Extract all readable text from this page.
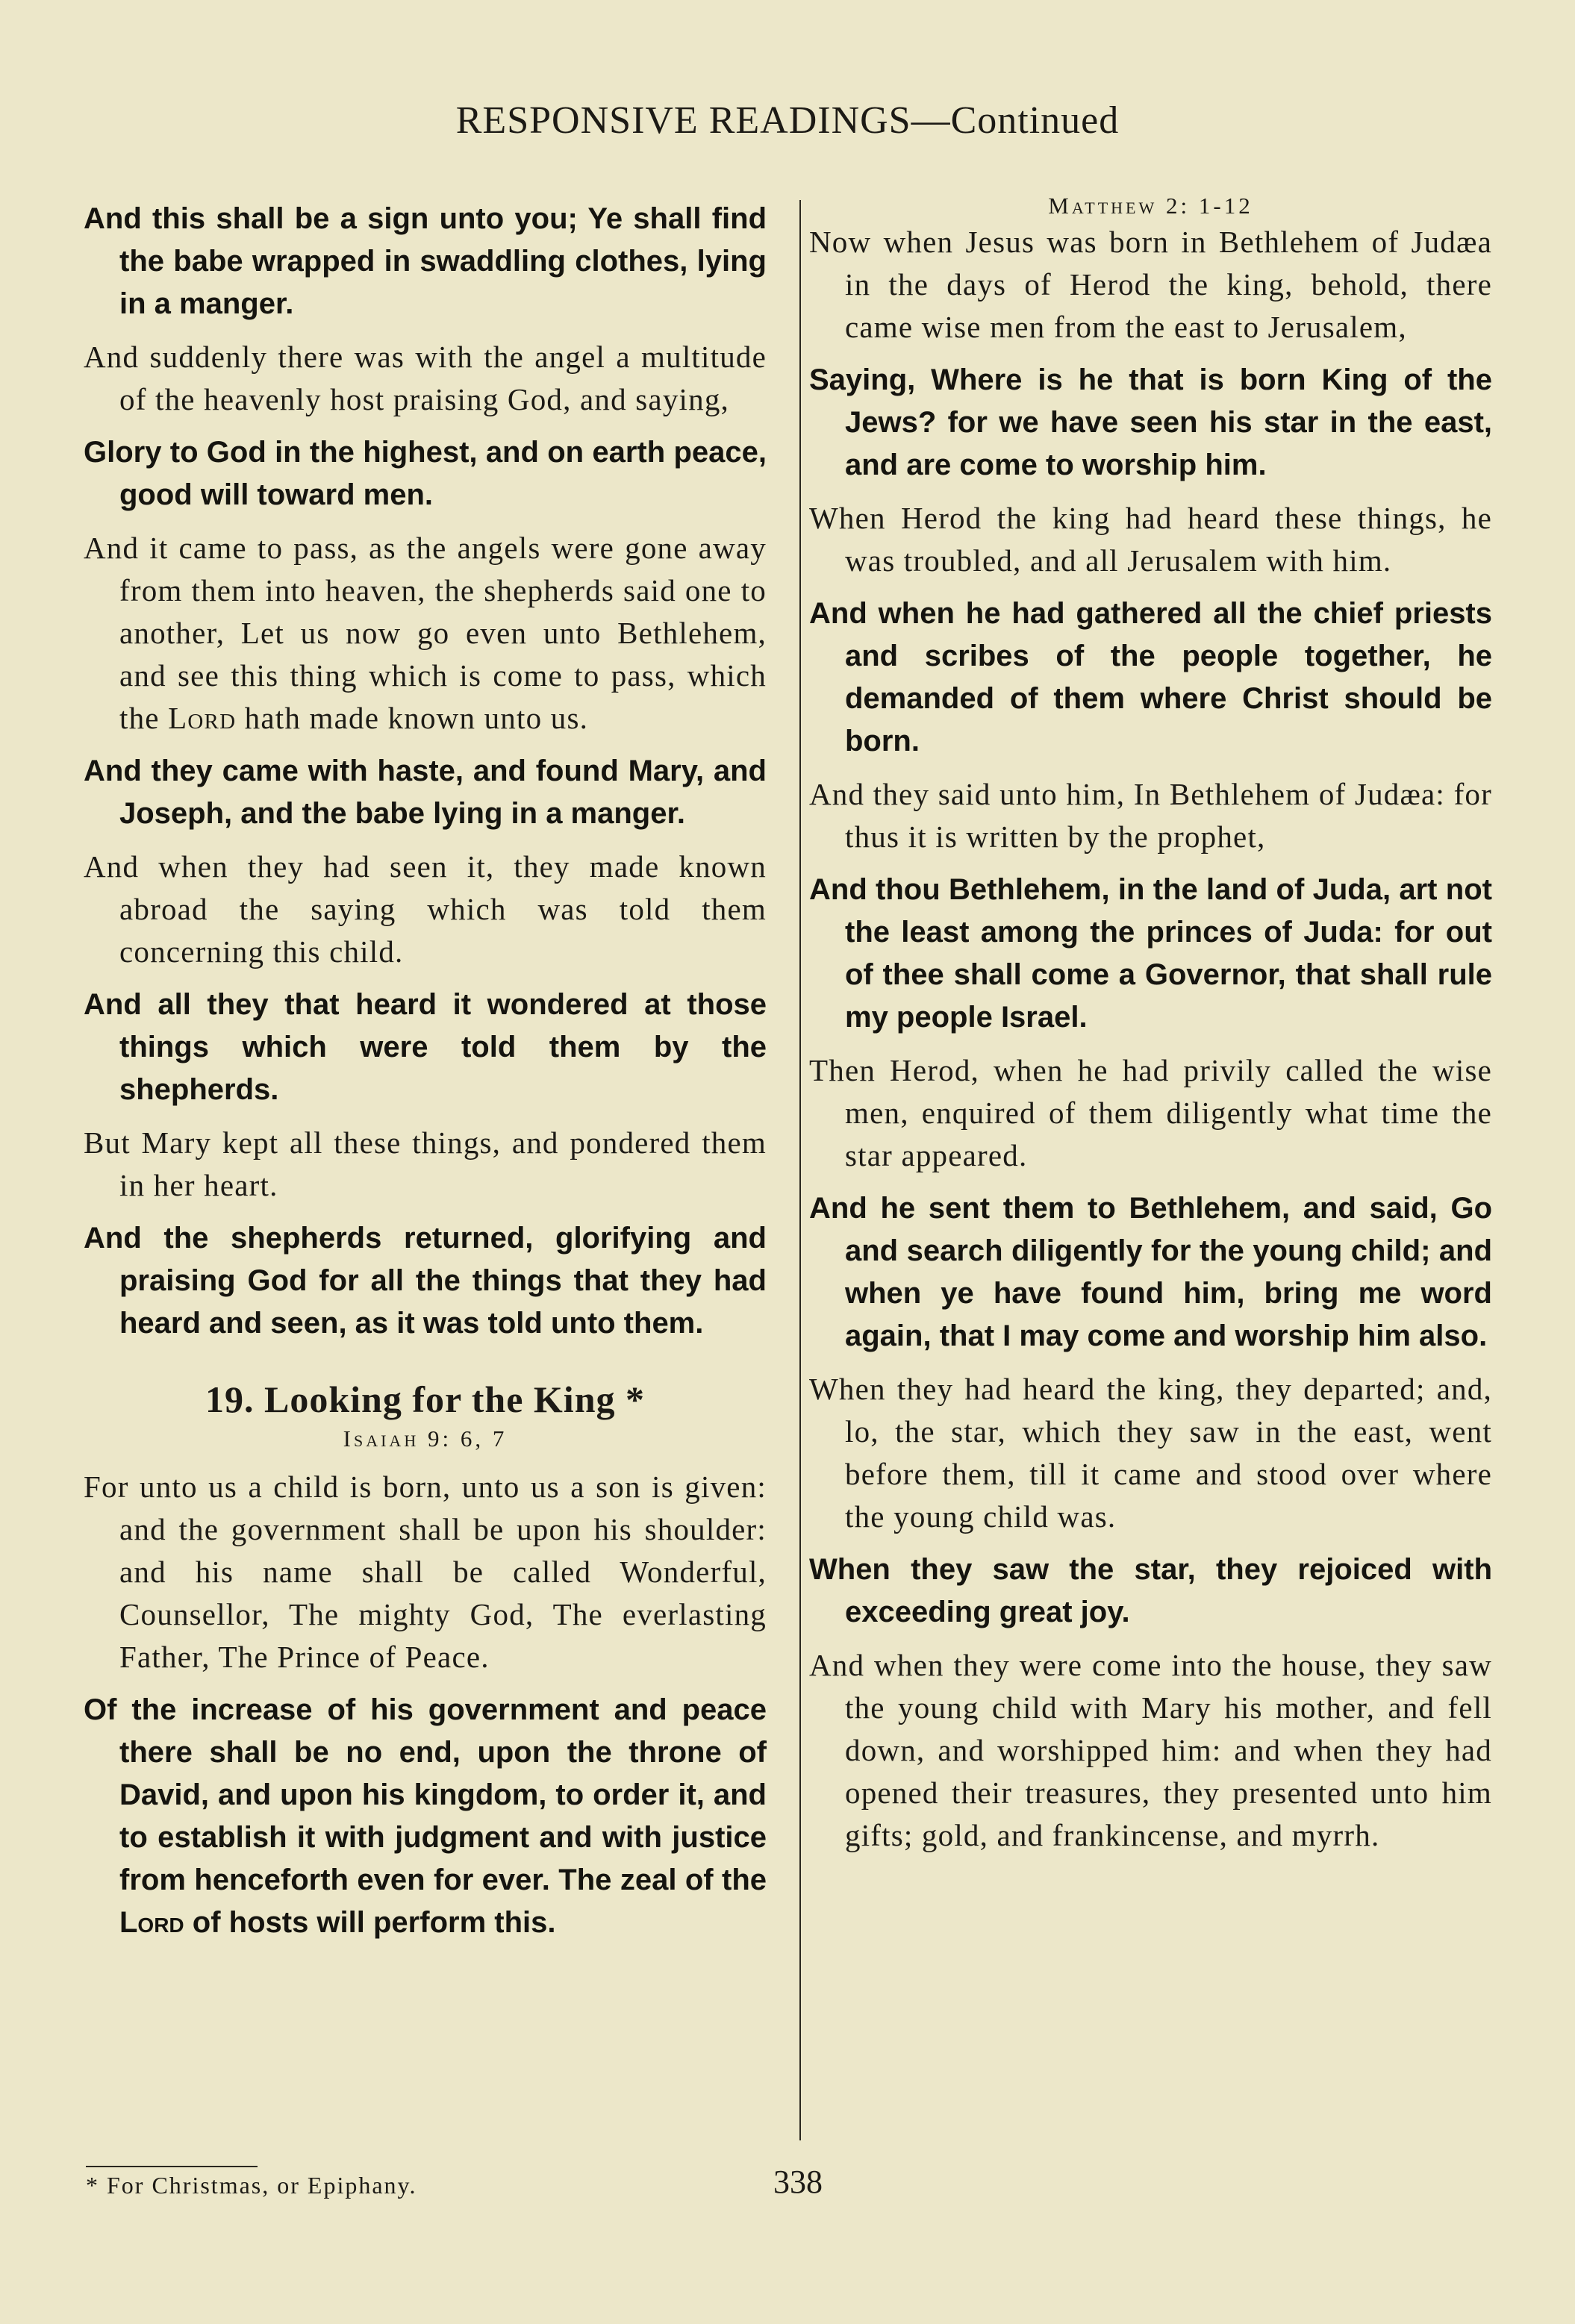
RESPONSIVE READINGS—Continued

And this shall be a sign unto you; Ye shall find the babe wrapped in swaddling clothes, lying in a manger.

And suddenly there was with the angel a multitude of the heavenly host praising God, and saying,

Glory to God in the highest, and on earth peace, good will toward men.

And it came to pass, as the angels were gone away from them into heaven, the shepherds said one to another, Let us now go even unto Bethlehem, and see this thing which is come to pass, which the Lord hath made known unto us.

And they came with haste, and found Mary, and Joseph, and the babe lying in a manger.

And when they had seen it, they made known abroad the saying which was told them concerning this child.

And all they that heard it wondered at those things which were told them by the shepherds.

But Mary kept all these things, and pondered them in her heart.

And the shepherds returned, glorifying and praising God for all the things that they had heard and seen, as it was told unto them.

19. Looking for the King *
Isaiah 9: 6, 7

For unto us a child is born, unto us a son is given: and the government shall be upon his shoulder: and his name shall be called Wonderful, Counsellor, The mighty God, The everlasting Father, The Prince of Peace.

Of the increase of his government and peace there shall be no end, upon the throne of David, and upon his kingdom, to order it, and to establish it with judgment and with justice from henceforth even for ever. The zeal of the Lord of hosts will perform this.

Matthew 2: 1-12

Now when Jesus was born in Bethlehem of Judæa in the days of Herod the king, behold, there came wise men from the east to Jerusalem,

Saying, Where is he that is born King of the Jews? for we have seen his star in the east, and are come to worship him.

When Herod the king had heard these things, he was troubled, and all Jerusalem with him.

And when he had gathered all the chief priests and scribes of the people together, he demanded of them where Christ should be born.

And they said unto him, In Bethlehem of Judæa: for thus it is written by the prophet,

And thou Bethlehem, in the land of Juda, art not the least among the princes of Juda: for out of thee shall come a Governor, that shall rule my people Israel.

Then Herod, when he had privily called the wise men, enquired of them diligently what time the star appeared.

And he sent them to Bethlehem, and said, Go and search diligently for the young child; and when ye have found him, bring me word again, that I may come and worship him also.

When they had heard the king, they departed; and, lo, the star, which they saw in the east, went before them, till it came and stood over where the young child was.

When they saw the star, they rejoiced with exceeding great joy.

And when they were come into the house, they saw the young child with Mary his mother, and fell down, and worshipped him: and when they had opened their treasures, they presented unto him gifts; gold, and frankincense, and myrrh.

* For Christmas, or Epiphany.	338
